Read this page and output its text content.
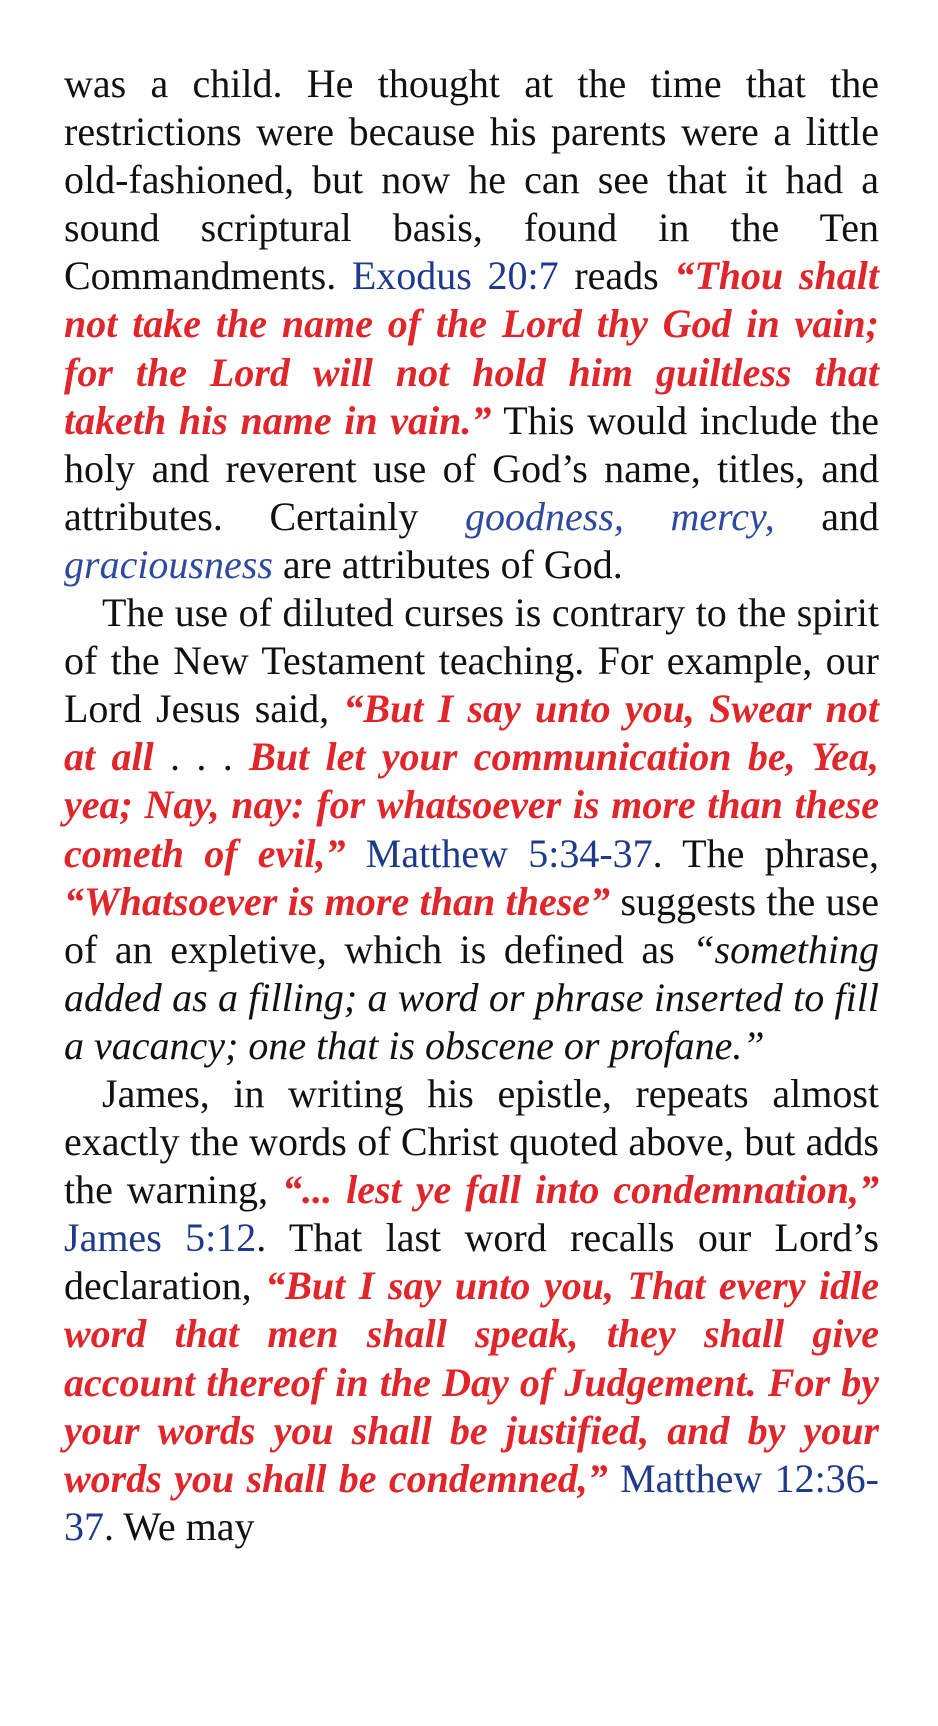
was a child. He thought at the time that the restrictions were because his parents were a little old-fashioned, but now he can see that it had a sound scriptural basis, found in the Ten Commandments. Exodus 20:7 reads “Thou shalt not take the name of the Lord thy God in vain; for the Lord will not hold him guiltless that taketh his name in vain.” This would include the holy and reverent use of God’s name, titles, and attributes. Certainly goodness, mercy, and graciousness are attributes of God.

The use of diluted curses is contrary to the spirit of the New Testament teaching. For example, our Lord Jesus said, “But I say unto you, Swear not at all . . . But let your communication be, Yea, yea; Nay, nay: for whatsoever is more than these cometh of evil,” Matthew 5:34-37. The phrase, “Whatsoever is more than these” suggests the use of an expletive, which is defined as “something added as a filling; a word or phrase inserted to fill a vacancy; one that is obscene or profane.”

James, in writing his epistle, repeats almost exactly the words of Christ quoted above, but adds the warning, “... lest ye fall into condemnation,” James 5:12. That last word recalls our Lord’s declaration, “But I say unto you, That every idle word that men shall speak, they shall give account thereof in the Day of Judgement. For by your words you shall be justified, and by your words you shall be condemned,” Matthew 12:36-37. We may
